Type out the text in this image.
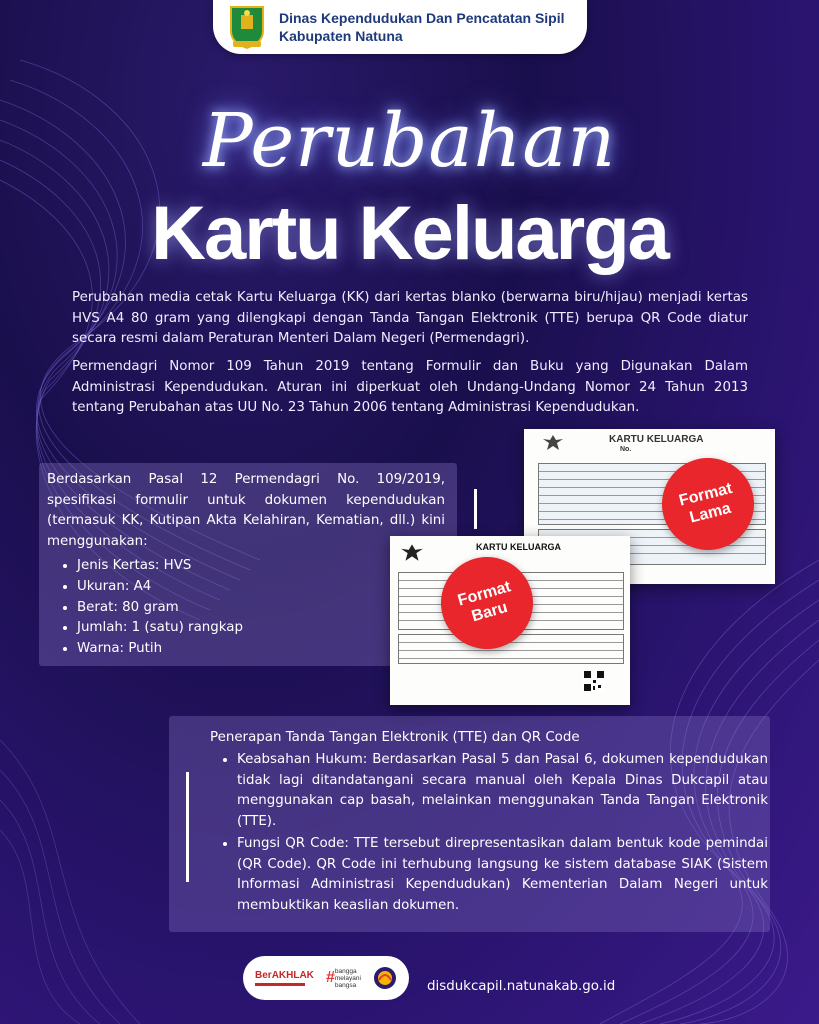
Dinas Kependudukan Dan Pencatatan Sipil
Kabupaten Natuna
Perubahan
Kartu Keluarga
Perubahan media cetak Kartu Keluarga (KK) dari kertas blanko (berwarna biru/hijau) menjadi kertas HVS A4 80 gram yang dilengkapi dengan Tanda Tangan Elektronik (TTE) berupa QR Code diatur secara resmi dalam Peraturan Menteri Dalam Negeri (Permendagri).
Permendagri Nomor 109 Tahun 2019 tentang Formulir dan Buku yang Digunakan Dalam Administrasi Kependudukan. Aturan ini diperkuat oleh Undang-Undang Nomor 24 Tahun 2013 tentang Perubahan atas UU No. 23 Tahun 2006 tentang Administrasi Kependudukan.
Berdasarkan Pasal 12 Permendagri No. 109/2019, spesifikasi formulir untuk dokumen kependudukan (termasuk KK, Kutipan Akta Kelahiran, Kematian, dll.) kini menggunakan:
• Jenis Kertas: HVS
• Ukuran: A4
• Berat: 80 gram
• Jumlah: 1 (satu) rangkap
• Warna: Putih
KARTU KELUARGA
No.
KARTU KELUARGA
Format Lama
Format Baru
Penerapan Tanda Tangan Elektronik (TTE) dan QR Code
• Keabsahan Hukum: Berdasarkan Pasal 5 dan Pasal 6, dokumen kependudukan tidak lagi ditandatangani secara manual oleh Kepala Dinas Dukcapil atau menggunakan cap basah, melainkan menggunakan Tanda Tangan Elektronik (TTE).
• Fungsi QR Code: TTE tersebut direpresentasikan dalam bentuk kode pemindai (QR Code). QR Code ini terhubung langsung ke sistem database SIAK (Sistem Informasi Administrasi Kependudukan) Kementerian Dalam Negeri untuk membuktikan keaslian dokumen.
BerAKHLAK # bangga
melayani
bangsa	disdukcapil.natunakab.go.id
